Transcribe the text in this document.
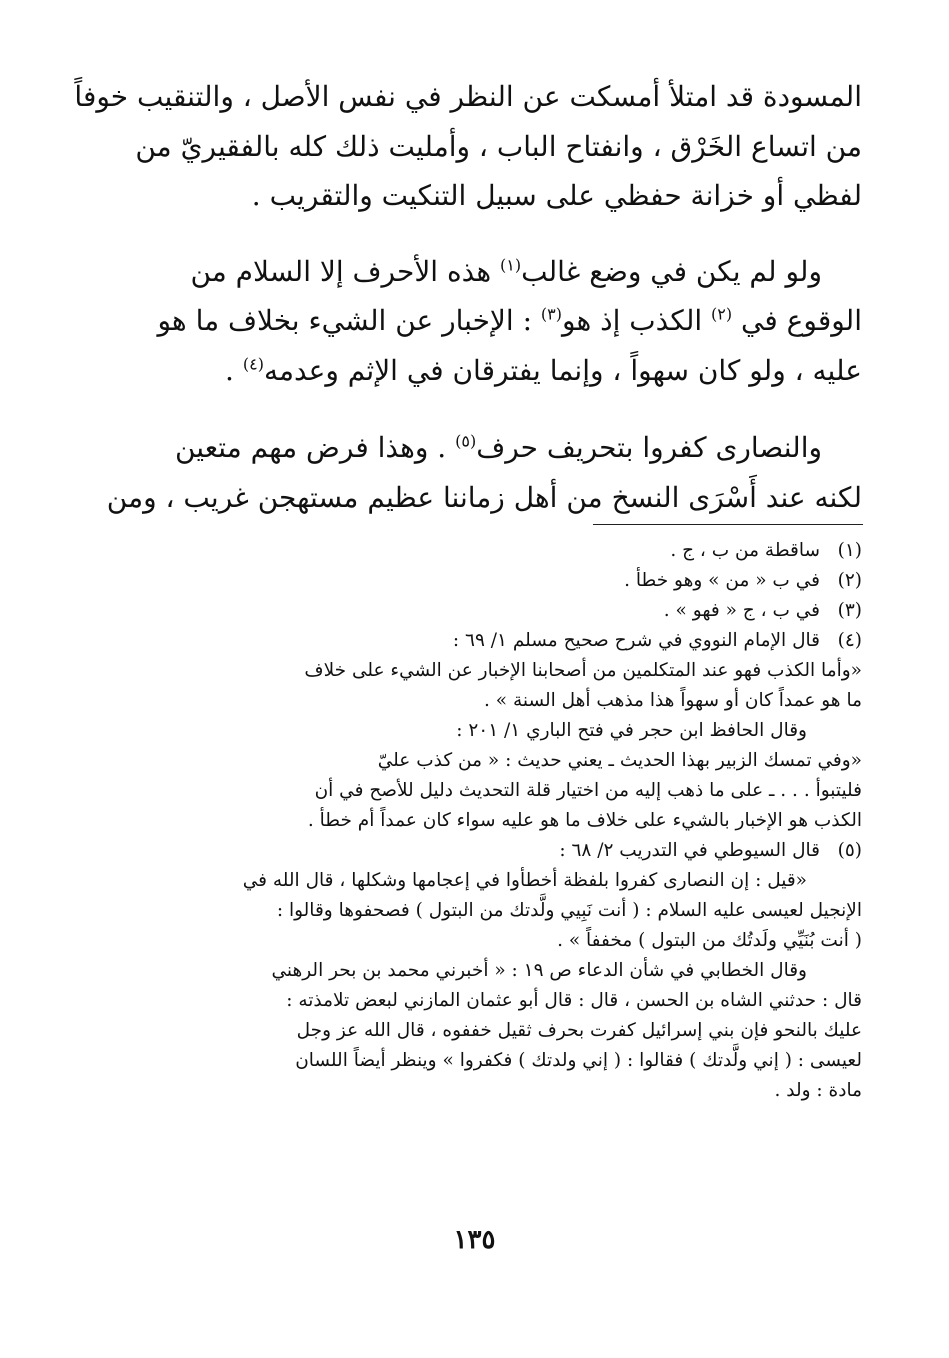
المسودة قد امتلأ أمسكت عن النظر في نفس الأصل ، والتنقيب خوفاً
من اتساع الخَرْق ، وانفتاح الباب ، وأمليت ذلك كله بالفقيريّ من
لفظي أو خزانة حفظي على سبيل التنكيت والتقريب .

ولو لم يكن في وضع غالب$^{(١)}$ هذه الأحرف إلا السلام من
الوقوع في $^{(٢)}$ الكذب إذ هو$^{(٣)}$ : الإخبار عن الشيء بخلاف ما هو
عليه ، ولو كان سهواً ، وإنما يفترقان في الإثم وعدمه$^{(٤)}$ .

والنصارى كفروا بتحريف حرف$^{(٥)}$ . وهذا فرض مهم متعين
لكنه عند أَسْرَى النسخ من أهل زماننا عظيم مستهجن غريب ، ومن

(١)ساقطة من ب ، ج .
(٢)في ب « من » وهو خطأ .
(٣)في ب ، ج « فهو » .
(٤)قال الإمام النووي في شرح صحيح مسلم ١/ ٦٩ :
«وأما الكذب فهو عند المتكلمين من أصحابنا الإخبار عن الشيء على خلاف
ما هو عمداً كان أو سهواً هذا مذهب أهل السنة » .
وقال الحافظ ابن حجر في فتح الباري ١/ ٢٠١ :
«وفي تمسك الزبير بهذا الحديث ـ يعني حديث : « من كذب عليّ
فليتبوأ . . . ـ على ما ذهب إليه من اختيار قلة التحديث دليل للأصح في أن
الكذب هو الإخبار بالشيء على خلاف ما هو عليه سواء كان عمداً أم خطأ .
(٥)قال السيوطي في التدريب ٢/ ٦٨ :
«قيل : إن النصارى كفروا بلفظة أخطأوا في إعجامها وشكلها ، قال الله في
الإنجيل لعيسى عليه السلام : ( أنت نَبِيي ولَّدتك من البتول ) فصحفوها وقالوا :
( أنت بُنَيِّي ولَدتُك من البتول ) مخففاً » .
وقال الخطابي في شأن الدعاء ص ١٩ : « أخبرني محمد بن بحر الرهني
قال : حدثني الشاه بن الحسن ، قال : قال أبو عثمان المازني لبعض تلامذته :
عليك بالنحو فإن بني إسرائيل كفرت بحرف ثقيل خففوه ، قال الله عز وجل
لعيسى : ( إني ولَّدتك ) فقالوا : ( إني ولدتك ) فكفروا » وينظر أيضاً اللسان
مادة : ولد .
١٣٥
